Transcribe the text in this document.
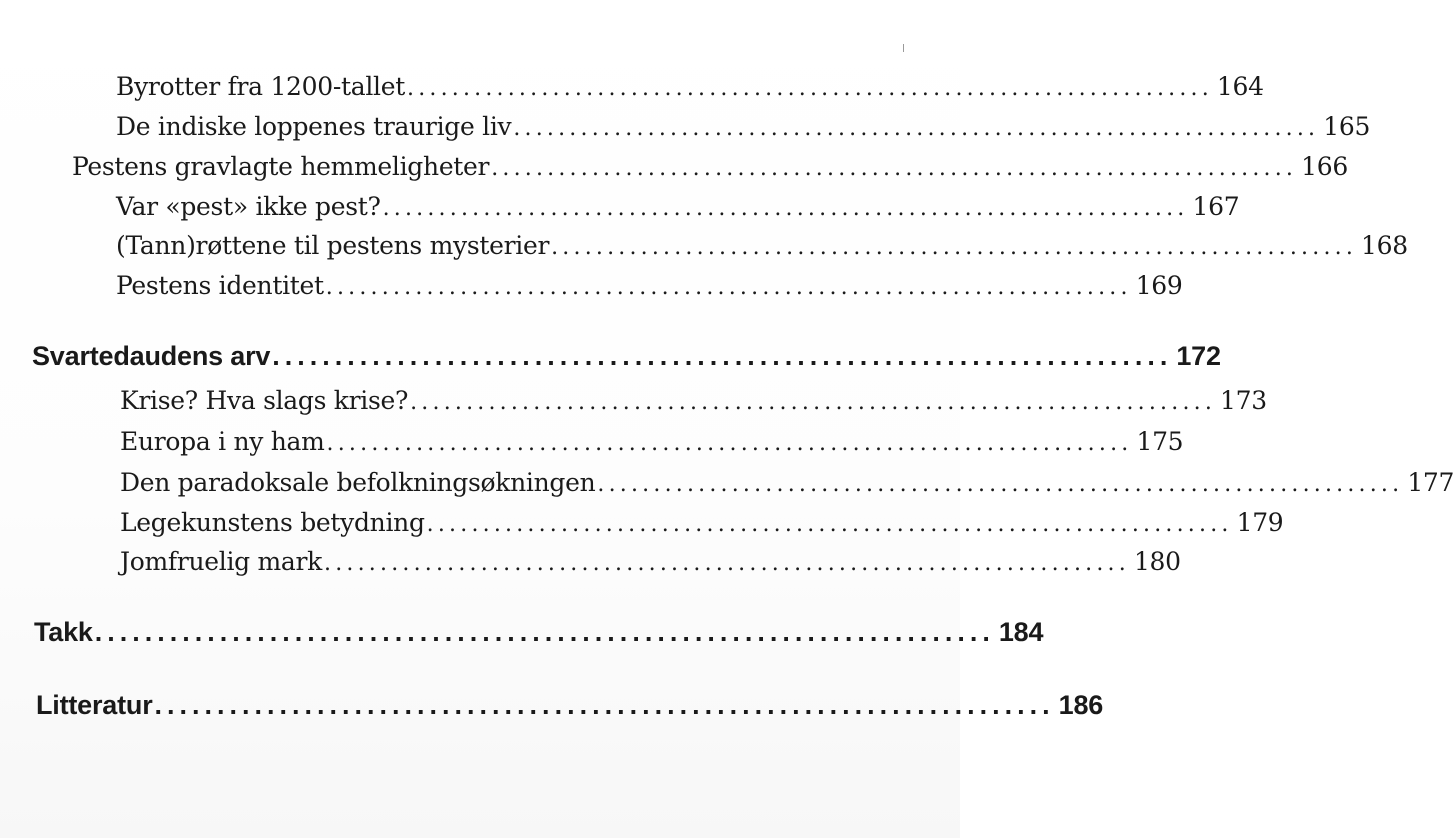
Byrotter fra 1200-tallet ........................................................................ 164
De indiske loppenes traurige liv ........................................................................ 165
Pestens gravlagte hemmeligheter ........................................................................ 166
Var «pest» ikke pest? ........................................................................ 167
(Tann)røttene til pestens mysterier ........................................................................ 168
Pestens identitet ........................................................................ 169
Svartedaudens arv ........................................................................ 172
Krise? Hva slags krise? ........................................................................ 173
Europa i ny ham ........................................................................ 175
Den paradoksale befolkningsøkningen ........................................................................ 177
Legekunstens betydning ........................................................................ 179
Jomfruelig mark ........................................................................ 180
Takk ........................................................................ 184
Litteratur ........................................................................ 186
